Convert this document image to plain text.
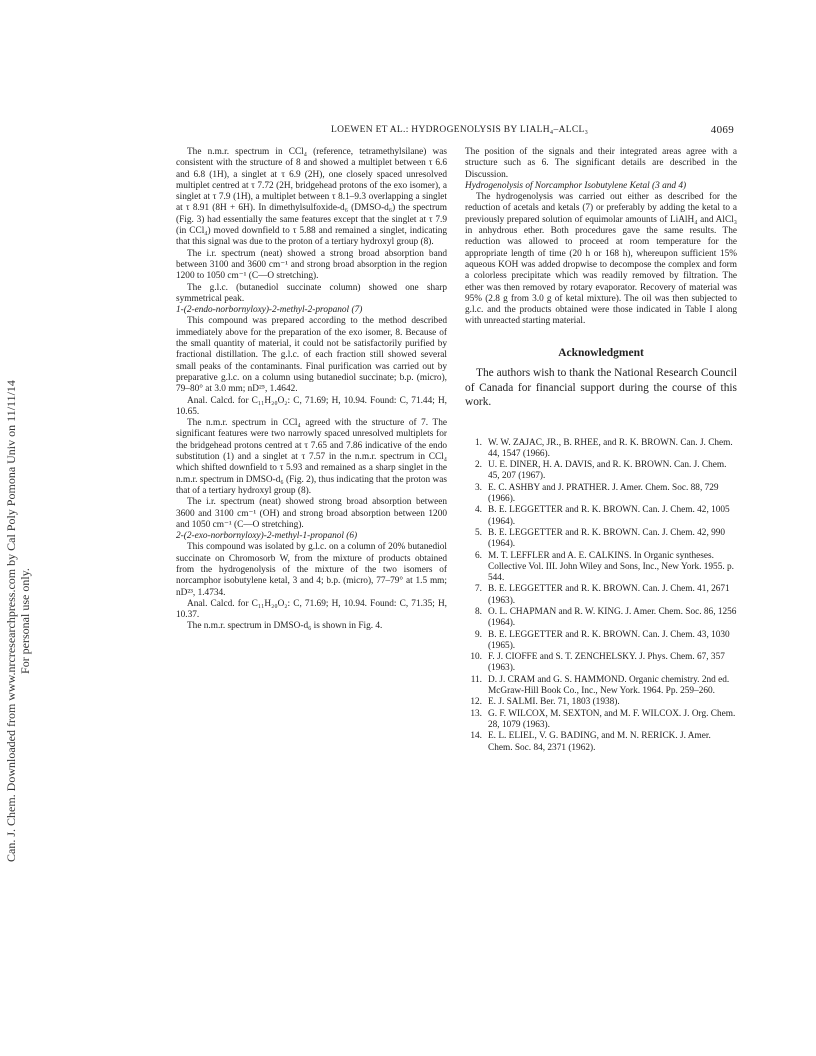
LOEWEN ET AL.: HYDROGENOLYSIS BY LIALH₄–ALCL₃	4069
Can. J. Chem. Downloaded from www.nrcresearchpress.com by Cal Poly Pomona Univ on 11/11/14 For personal use only.

The n.m.r. spectrum in CCl₄ (reference, tetramethylsilane) was consistent with the structure of 8 and showed a multiplet between τ 6.6 and 6.8 (1H), a singlet at τ 6.9 (2H), one closely spaced unresolved multiplet centred at τ 7.72 (2H, bridgehead protons of the exo isomer), a singlet at τ 7.9 (1H), a multiplet between τ 8.1–9.3 overlapping a singlet at τ 8.91 (8H + 6H). In dimethylsulfoxide-d₆ (DMSO-d₆) the spectrum (Fig. 3) had essentially the same features except that the singlet at τ 7.9 (in CCl₄) moved downfield to τ 5.88 and remained a singlet, indicating that this signal was due to the proton of a tertiary hydroxyl group (8).

The i.r. spectrum (neat) showed a strong broad absorption band between 3100 and 3600 cm⁻¹ and strong broad absorption in the region 1200 to 1050 cm⁻¹ (C—O stretching).

The g.l.c. (butanediol succinate column) showed one sharp symmetrical peak.

1-(2-endo-norbornyloxy)-2-methyl-2-propanol (7)

This compound was prepared according to the method described immediately above for the preparation of the exo isomer, 8. Because of the small quantity of material, it could not be satisfactorily purified by fractional distillation. The g.l.c. of each fraction still showed several small peaks of the contaminants. Final purification was carried out by preparative g.l.c. on a column using butanediol succinate; b.p. (micro), 79–80° at 3.0 mm; nD²⁵, 1.4642.

Anal. Calcd. for C₁₁H₂₀O₂: C, 71.69; H, 10.94. Found: C, 71.44; H, 10.65.

The n.m.r. spectrum in CCl₄ agreed with the structure of 7. The significant features were two narrowly spaced unresolved multiplets for the bridgehead protons centred at τ 7.65 and 7.86 indicative of the endo substitution (1) and a singlet at τ 7.57 in the n.m.r. spectrum in CCl₄ which shifted downfield to τ 5.93 and remained as a sharp singlet in the n.m.r. spectrum in DMSO-d₆ (Fig. 2), thus indicating that the proton was that of a tertiary hydroxyl group (8).

The i.r. spectrum (neat) showed strong broad absorption between 3600 and 3100 cm⁻¹ (OH) and strong broad absorption between 1200 and 1050 cm⁻¹ (C—O stretching).

2-(2-exo-norbornyloxy)-2-methyl-1-propanol (6)

This compound was isolated by g.l.c. on a column of 20% butanediol succinate on Chromosorb W, from the mixture of products obtained from the hydrogenolysis of the mixture of the two isomers of norcamphor isobutylene ketal, 3 and 4; b.p. (micro), 77–79° at 1.5 mm; nD²³, 1.4734.

Anal. Calcd. for C₁₁H₂₀O₂: C, 71.69; H, 10.94. Found: C, 71.35; H, 10.37.

The n.m.r. spectrum in DMSO-d₆ is shown in Fig. 4.

The position of the signals and their integrated areas agree with a structure such as 6. The significant details are described in the Discussion.

Hydrogenolysis of Norcamphor Isobutylene Ketal (3 and 4)

The hydrogenolysis was carried out either as described for the reduction of acetals and ketals (7) or preferably by adding the ketal to a previously prepared solution of equimolar amounts of LiAlH₄ and AlCl₃ in anhydrous ether. Both procedures gave the same results. The reduction was allowed to proceed at room temperature for the appropriate length of time (20 h or 168 h), whereupon sufficient 15% aqueous KOH was added dropwise to decompose the complex and form a colorless precipitate which was readily removed by filtration. The ether was then removed by rotary evaporator. Recovery of material was 95% (2.8 g from 3.0 g of ketal mixture). The oil was then subjected to g.l.c. and the products obtained were those indicated in Table I along with unreacted starting material.

Acknowledgment

The authors wish to thank the National Research Council of Canada for financial support during the course of this work.

1. W. W. ZAJAC, JR., B. RHEE, and R. K. BROWN. Can. J. Chem. 44, 1547 (1966).
2. U. E. DINER, H. A. DAVIS, and R. K. BROWN. Can. J. Chem. 45, 207 (1967).
3. E. C. ASHBY and J. PRATHER. J. Amer. Chem. Soc. 88, 729 (1966).
4. B. E. LEGGETTER and R. K. BROWN. Can. J. Chem. 42, 1005 (1964).
5. B. E. LEGGETTER and R. K. BROWN. Can. J. Chem. 42, 990 (1964).
6. M. T. LEFFLER and A. E. CALKINS. In Organic syntheses. Collective Vol. III. John Wiley and Sons, Inc., New York. 1955. p. 544.
7. B. E. LEGGETTER and R. K. BROWN. Can. J. Chem. 41, 2671 (1963).
8. O. L. CHAPMAN and R. W. KING. J. Amer. Chem. Soc. 86, 1256 (1964).
9. B. E. LEGGETTER and R. K. BROWN. Can. J. Chem. 43, 1030 (1965).
10. F. J. CIOFFE and S. T. ZENCHELSKY. J. Phys. Chem. 67, 357 (1963).
11. D. J. CRAM and G. S. HAMMOND. Organic chemistry. 2nd ed. McGraw-Hill Book Co., Inc., New York. 1964. Pp. 259–260.
12. E. J. SALMI. Ber. 71, 1803 (1938).
13. G. F. WILCOX, M. SEXTON, and M. F. WILCOX. J. Org. Chem. 28, 1079 (1963).
14. E. L. ELIEL, V. G. BADING, and M. N. RERICK. J. Amer. Chem. Soc. 84, 2371 (1962).
